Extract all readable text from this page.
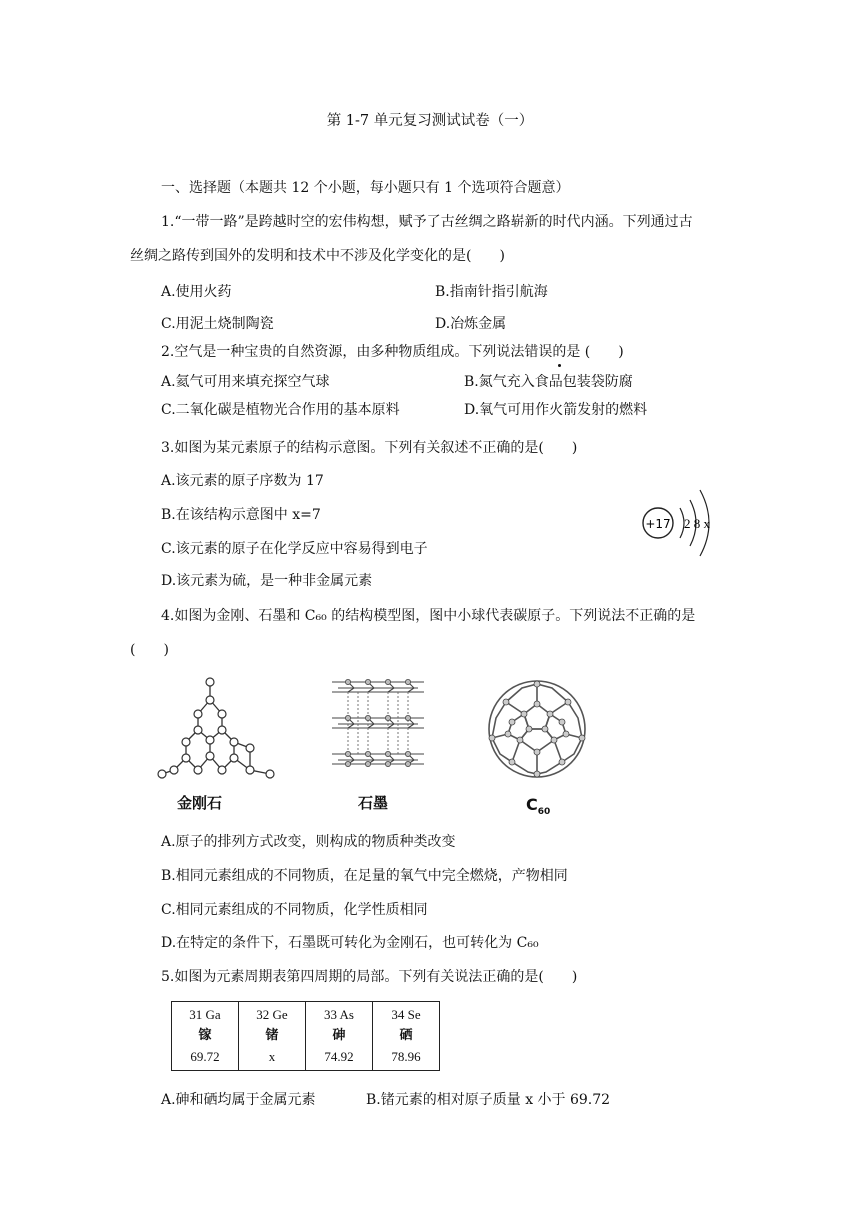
第 1-7 单元复习测试试卷（一）
一、选择题（本题共 12 个小题，每小题只有 1 个选项符合题意）
1.“一带一路”是跨越时空的宏伟构想，赋予了古丝绸之路崭新的时代内涵。下列通过古
丝绸之路传到国外的发明和技术中不涉及化学变化的是(　　)
A.使用火药	B.指南针指引航海
C.用泥土烧制陶瓷	D.冶炼金属
2.空气是一种宝贵的自然资源，由多种物质组成。下列说法错误的是 (　　)
A.氦气可用来填充探空气球	B.氮气充入食品包装袋防腐
C.二氧化碳是植物光合作用的基本原料	D.氧气可用作火箭发射的燃料
3.如图为某元素原子的结构示意图。下列有关叙述不正确的是(　　)
A.该元素的原子序数为 17
B.在该结构示意图中 x=7
C.该元素的原子在化学反应中容易得到电子
D.该元素为硫，是一种非金属元素
+17 2 8 x
4.如图为金刚、石墨和 C₆₀ 的结构模型图，图中小球代表碳原子。下列说法不正确的是
(　　)
金刚石	石墨	$C_{60}$
A.原子的排列方式改变，则构成的物质种类改变
B.相同元素组成的不同物质，在足量的氧气中完全燃烧，产物相同
C.相同元素组成的不同物质，化学性质相同
D.在特定的条件下，石墨既可转化为金刚石，也可转化为 C₆₀
5.如图为元素周期表第四周期的局部。下列有关说法正确的是(　　)
31 Ga
镓
69.72

32 Ge
锗
x

33 As
砷
74.92

34 Se
硒
78.96
A.砷和硒均属于金属元素	B.锗元素的相对原子质量 x 小于 69.72
